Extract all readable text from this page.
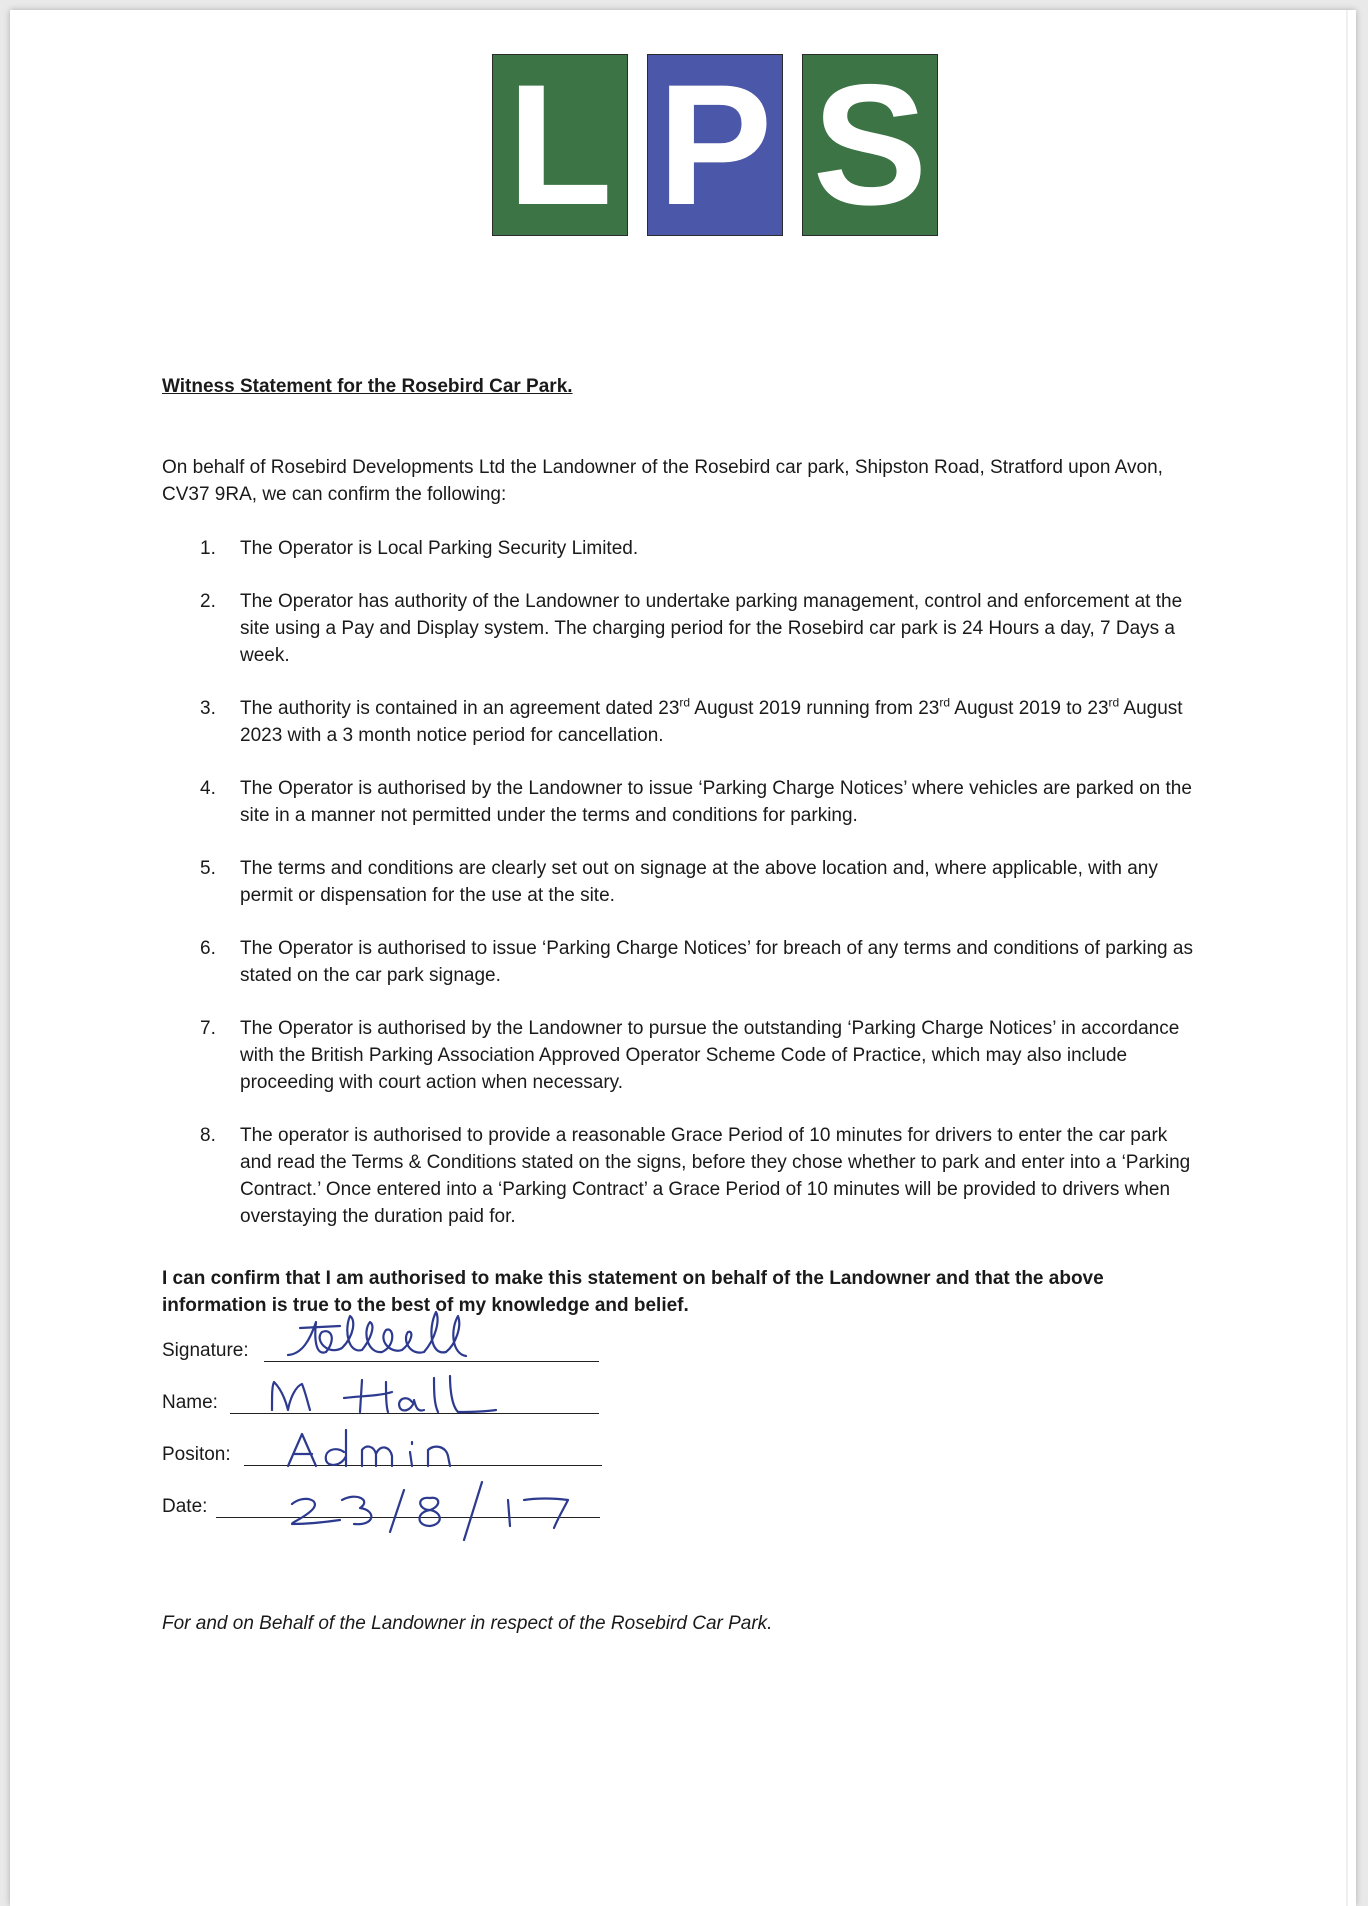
L P S
Witness Statement for the Rosebird Car Park.
On behalf of Rosebird Developments Ltd the Landowner of the Rosebird car park, Shipston Road, Stratford upon Avon, CV37 9RA, we can confirm the following:
1. The Operator is Local Parking Security Limited.
2. The Operator has authority of the Landowner to undertake parking management, control and enforcement at the site using a Pay and Display system. The charging period for the Rosebird car park is 24 Hours a day, 7 Days a week.
3. The authority is contained in an agreement dated 23rd August 2019 running from 23rd August 2019 to 23rd August 2023 with a 3 month notice period for cancellation.
4. The Operator is authorised by the Landowner to issue ‘Parking Charge Notices’ where vehicles are parked on the site in a manner not permitted under the terms and conditions for parking.
5. The terms and conditions are clearly set out on signage at the above location and, where applicable, with any permit or dispensation for the use at the site.
6. The Operator is authorised to issue ‘Parking Charge Notices’ for breach of any terms and conditions of parking as stated on the car park signage.
7. The Operator is authorised by the Landowner to pursue the outstanding ‘Parking Charge Notices’ in accordance with the British Parking Association Approved Operator Scheme Code of Practice, which may also include proceeding with court action when necessary.
8. The operator is authorised to provide a reasonable Grace Period of 10 minutes for drivers to enter the car park and read the Terms & Conditions stated on the signs, before they chose whether to park and enter into a ‘Parking Contract.’ Once entered into a ‘Parking Contract’ a Grace Period of 10 minutes will be provided to drivers when overstaying the duration paid for.
I can confirm that I am authorised to make this statement on behalf of the Landowner and that the above information is true to the best of my knowledge and belief.
Signature:
Name:
Positon:
Date:
For and on Behalf of the Landowner in respect of the Rosebird Car Park.
